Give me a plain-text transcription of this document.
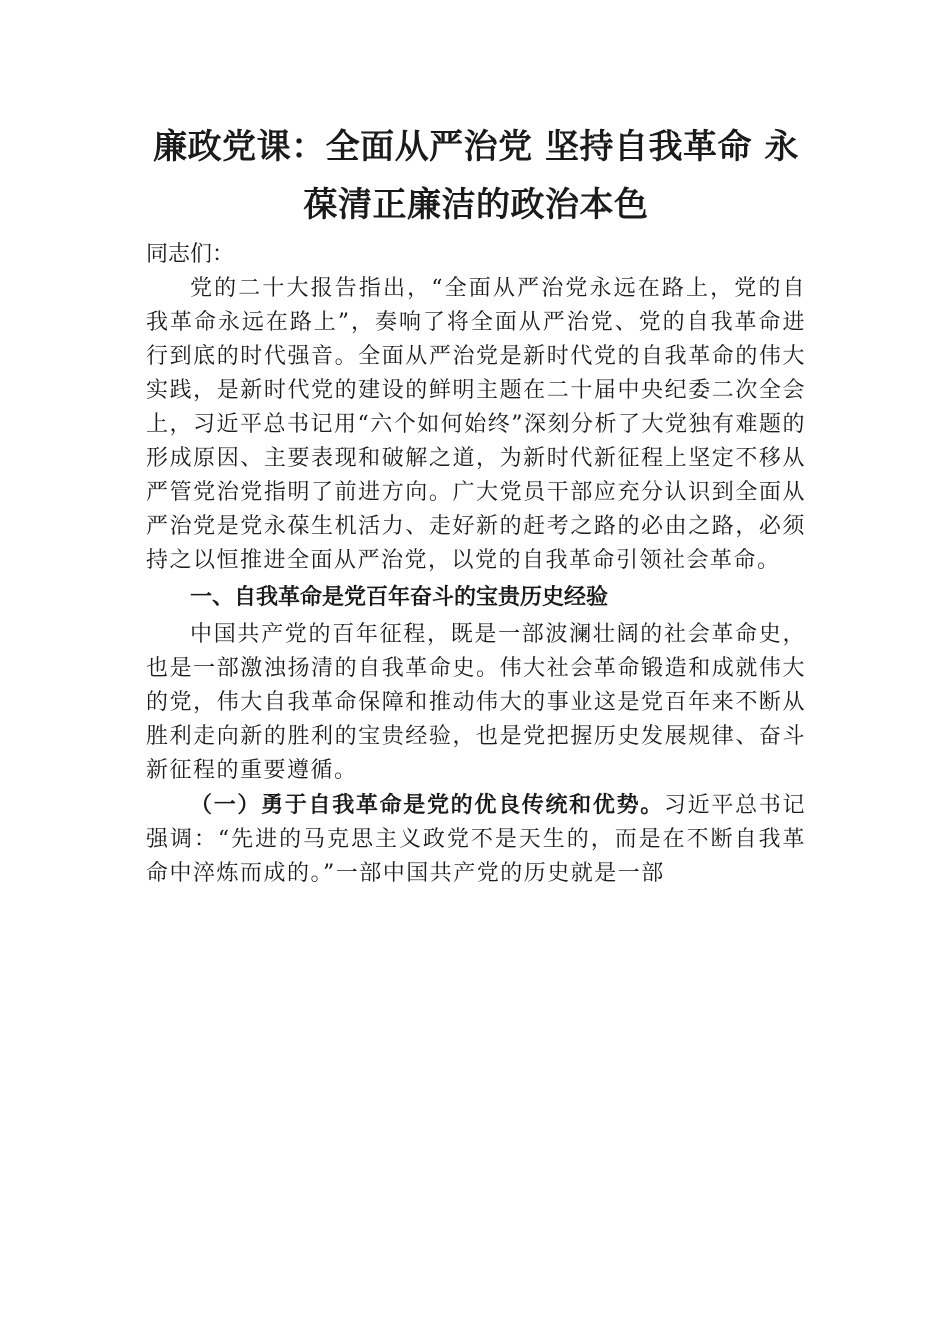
廉政党课：全面从严治党 坚持自我革命 永
葆清正廉洁的政治本色

同志们：

党的二十大报告指出，“全面从严治党永远在路上，党的自我革命永远在路上”，奏响了将全面从严治党、党的自我革命进行到底的时代强音。全面从严治党是新时代党的自我革命的伟大实践，是新时代党的建设的鲜明主题在二十届中央纪委二次全会上，习近平总书记用“六个如何始终”深刻分析了大党独有难题的形成原因、主要表现和破解之道，为新时代新征程上坚定不移从严管党治党指明了前进方向。广大党员干部应充分认识到全面从严治党是党永葆生机活力、走好新的赶考之路的必由之路，必须持之以恒推进全面从严治党，以党的自我革命引领社会革命。

一、自我革命是党百年奋斗的宝贵历史经验

中国共产党的百年征程，既是一部波澜壮阔的社会革命史，也是一部激浊扬清的自我革命史。伟大社会革命锻造和成就伟大的党，伟大自我革命保障和推动伟大的事业这是党百年来不断从胜利走向新的胜利的宝贵经验，也是党把握历史发展规律、奋斗新征程的重要遵循。

（一）勇于自我革命是党的优良传统和优势。习近平总书记强调：“先进的马克思主义政党不是天生的，而是在不断自我革命中淬炼而成的。”一部中国共产党的历史就是一部
